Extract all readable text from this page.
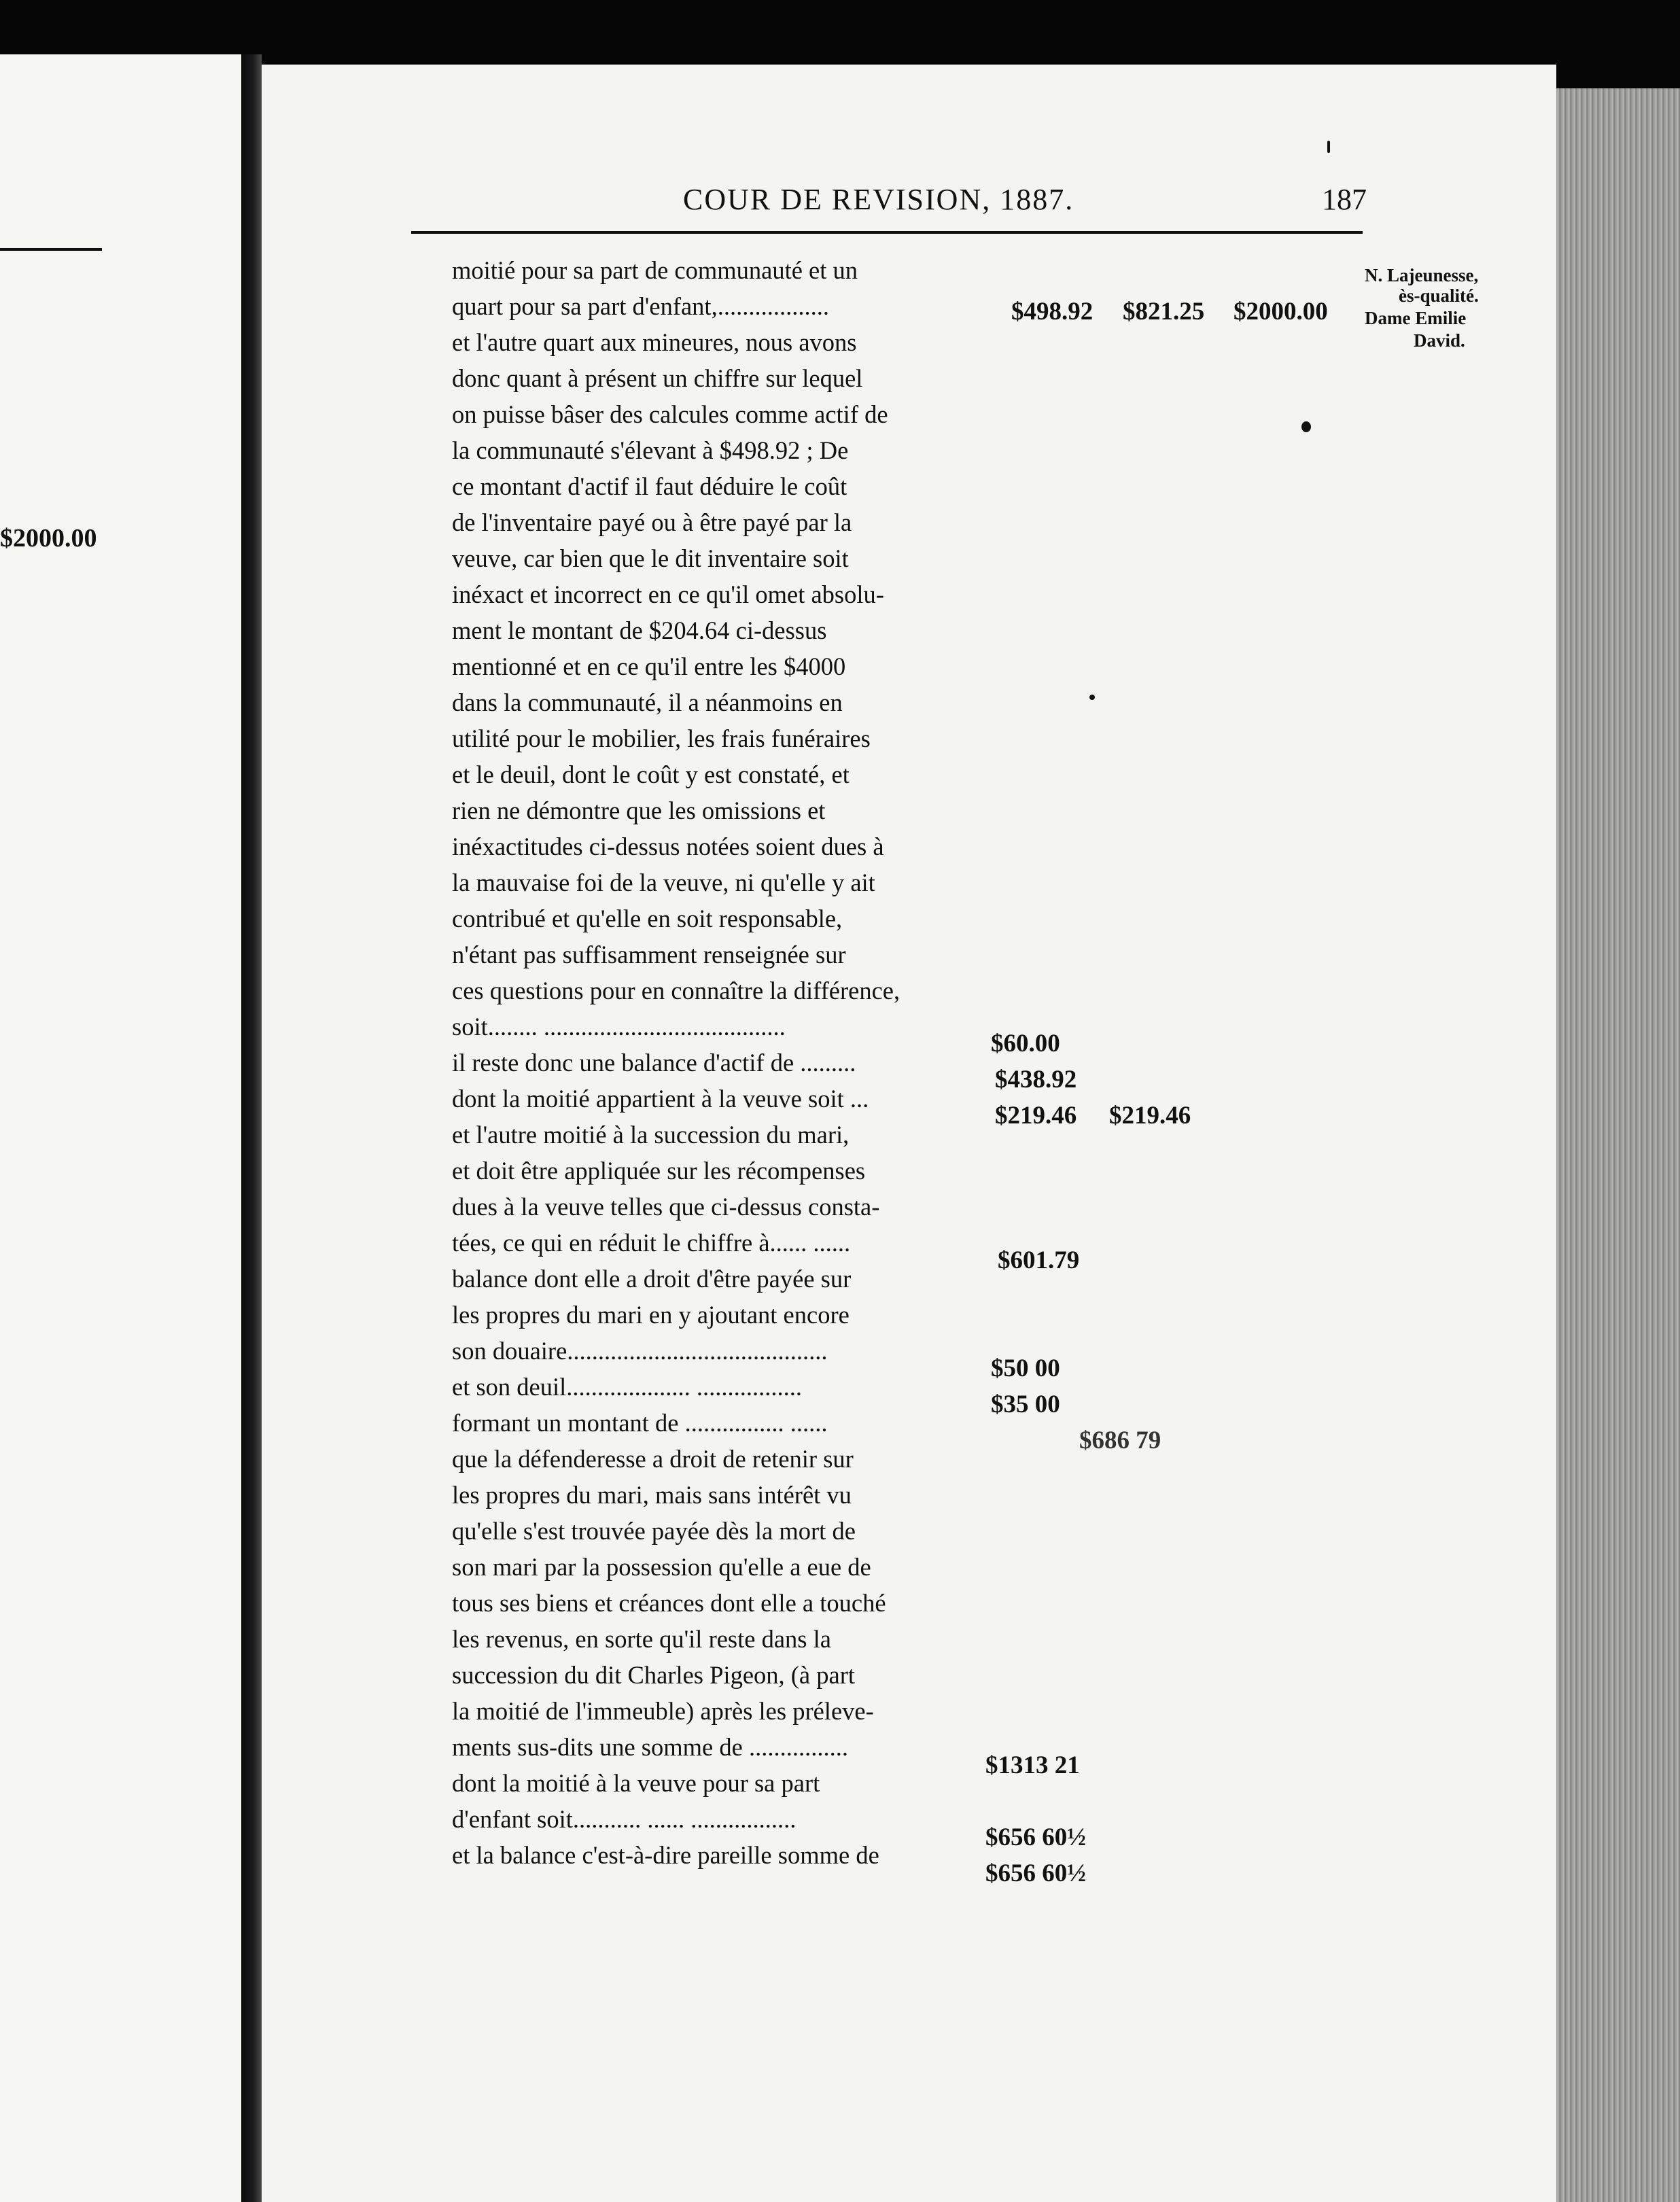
$2000.00
COUR DE REVISION, 1887.	187
moitié pour sa part de communauté et un
quart pour sa part d'enfant,..................
et l'autre quart aux mineures, nous avons
donc quant à présent un chiffre sur lequel
on puisse bâser des calcules comme actif de
la communauté s'élevant à $498.92 ; De
ce montant d'actif il faut déduire le coût
de l'inventaire payé ou à être payé par la
veuve, car bien que le dit inventaire soit
inéxact et incorrect en ce qu'il omet absolu-
ment le montant de $204.64 ci-dessus
mentionné et en ce qu'il entre les $4000
dans la communauté, il a néanmoins en
utilité pour le mobilier, les frais funéraires
et le deuil, dont le coût y est constaté, et
rien ne démontre que les omissions et
inéxactitudes ci-dessus notées soient dues à
la mauvaise foi de la veuve, ni qu'elle y ait
contribué et qu'elle en soit responsable,
n'étant pas suffisamment renseignée sur
ces questions pour en connaître la différence,
soit........ .......................................
il reste donc une balance d'actif de .........
dont la moitié appartient à la veuve soit ...
et l'autre moitié à la succession du mari,
et doit être appliquée sur les récompenses
dues à la veuve telles que ci-dessus consta-
tées, ce qui en réduit le chiffre à...... ......
balance dont elle a droit d'être payée sur
les propres du mari en y ajoutant encore
son douaire..........................................
et son deuil.................... .................
formant un montant de ................ ......
que la défenderesse a droit de retenir sur
les propres du mari, mais sans intérêt vu
qu'elle s'est trouvée payée dès la mort de
son mari par la possession qu'elle a eue de
tous ses biens et créances dont elle a touché
les revenus, en sorte qu'il reste dans la
succession du dit Charles Pigeon, (à part
la moitié de l'immeuble) après les préleve-
ments sus-dits une somme de ................
dont la moitié à la veuve pour sa part
d'enfant soit........... ...... .................
et la balance c'est-à-dire pareille somme de
$498.92 $821.25 $2000.00
$60.00
$438.92
$219.46 $219.46
$601.79
$50 00
$35 00
$686 79
$1313 21
$656 60½
$656 60½
N. Lajeunesse,
ès-qualité.
Dame Emilie
David.
